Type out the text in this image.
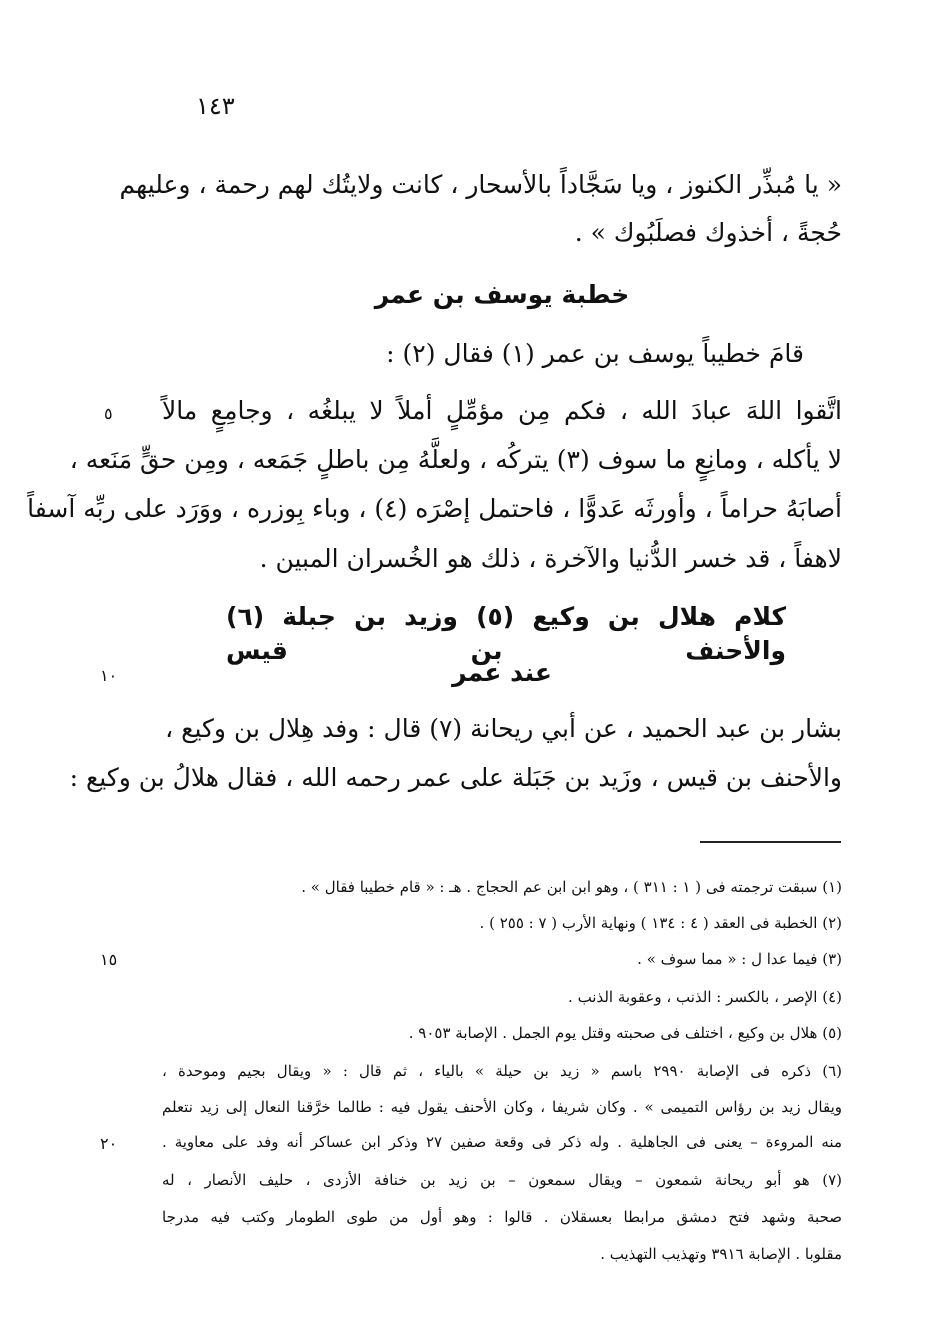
١٤٣
« يا مُبذِّر الكنوز ، ويا سَجَّاداً بالأسحار ، كانت ولايتُك لهم رحمة ، وعليهم
حُجةً ، أخذوك فصلَبُوك » .
خطبة يوسف بن عمر
قامَ خطيباً يوسف بن عمر (١) فقال (٢) :
اتَّقوا اللهَ عبادَ الله ، فكم مِن مؤمِّلٍ أملاً لا يبلغُه ، وجامِعٍ مالاً
٥
لا يأكله ، ومانِعٍ ما سوف (٣) يتركُه ، ولعلَّهُ مِن باطلٍ جَمَعه ، ومِن حقٍّ مَنَعه ،
أصابَهُ حراماً ، وأورثَه عَدوًّا ، فاحتمل إصْرَه (٤) ، وباء بِوزره ، ووَرَد على ربِّه آسفاً
لاهفاً ، قد خسر الدُّنيا والآخرة ، ذلك هو الخُسران المبين .
كلام هلال بن وكيع (٥) وزيد بن جبلة (٦) والأحنف بن قيس
عند عمر
١٠
بشار بن عبد الحميد ، عن أبي ريحانة (٧) قال : وفد هِلال بن وكيع ،
والأحنف بن قيس ، وزَيد بن جَبَلة على عمر رحمه الله ، فقال هلالُ بن وكيع :
(١) سبقت ترجمته فى ( ١ : ٣١١ ) ، وهو ابن ابن عم الحجاج . هـ : « قام خطيبا فقال » .
(٢) الخطبة فى العقد ( ٤ : ١٣٤ ) ونهاية الأرب ( ٧ : ٢٥٥ ) .
(٣) فيما عدا ل : « مما سوف » .
١٥
(٤) الإصر ، بالكسر : الذنب ، وعقوبة الذنب .
(٥) هلال بن وكيع ، اختلف فى صحبته وقتل يوم الجمل . الإصابة ٩٠٥٣ .
(٦) ذكره فى الإصابة ٢٩٩٠ باسم « زيد بن حيلة » بالياء ، ثم قال : « ويقال بجيم وموحدة ،
ويقال زيد بن رؤاس التميمى » . وكان شريفا ، وكان الأحنف يقول فيه : طالما خرَّقنا النعال إلى زيد نتعلم
منه المروءة – يعنى فى الجاهلية . وله ذكر فى وقعة صفين ٢٧ وذكر ابن عساكر أنه وفد على معاوية .
٢٠
(٧) هو أبو ريحانة شمعون – ويقال سمعون – بن زيد بن خنافة الأزدى ، حليف الأنصار ، له
صحبة وشهد فتح دمشق مرابطا بعسقلان . قالوا : وهو أول من طوى الطومار وكتب فيه مدرجا
مقلوبا . الإصابة ٣٩١٦ وتهذيب التهذيب .
